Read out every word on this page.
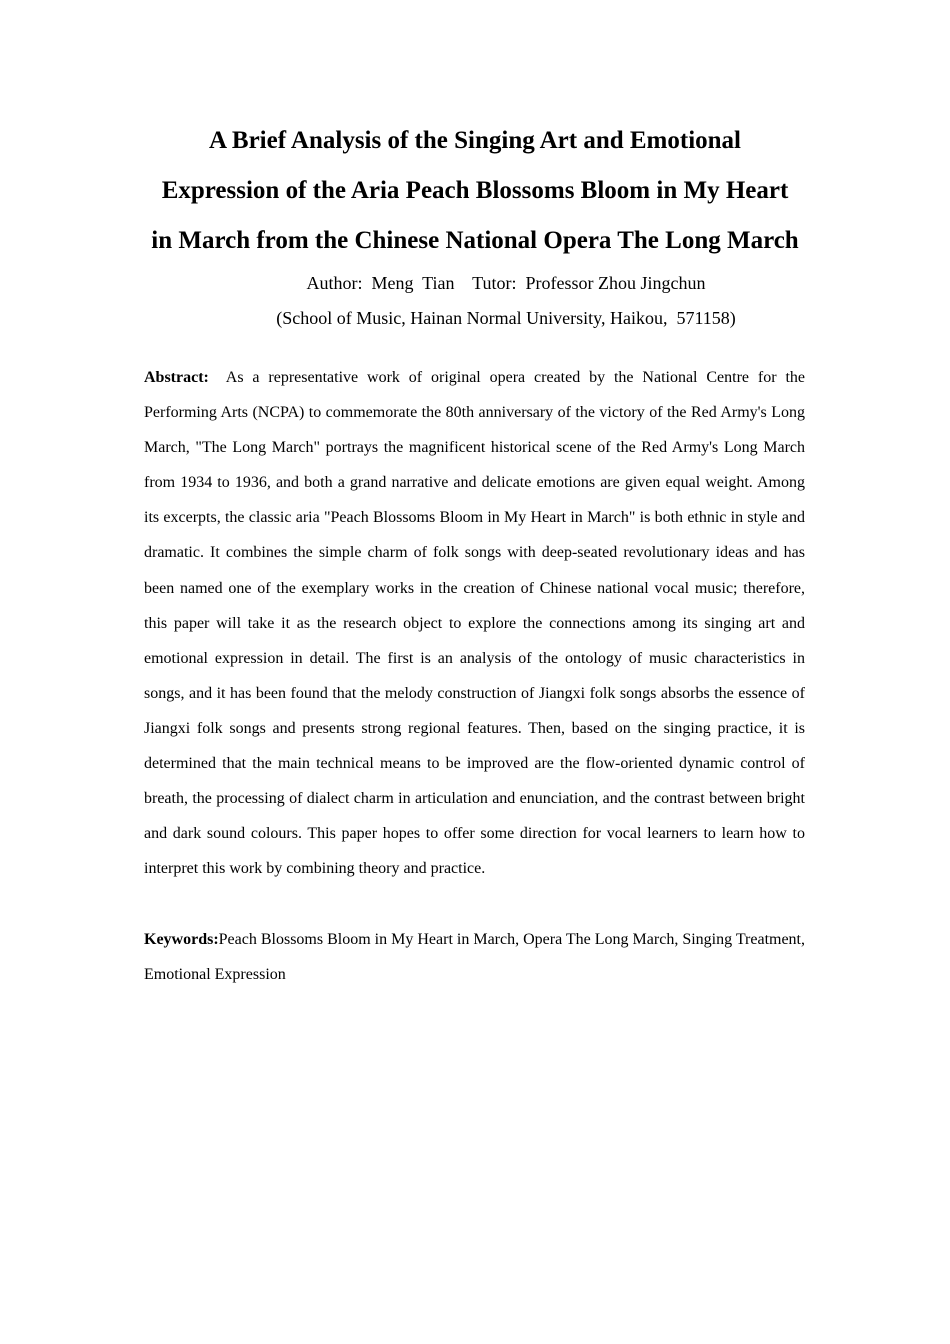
A Brief Analysis of the Singing Art and Emotional
Expression of the Aria Peach Blossoms Bloom in My Heart
in March from the Chinese National Opera The Long March
Author:  Meng  Tian    Tutor:  Professor Zhou Jingchun
(School of Music, Hainan Normal University, Haikou,  571158)

Abstract: As a representative work of original opera created by the National Centre for the Performing Arts (NCPA) to commemorate the 80th anniversary of the victory of the Red Army's Long March, "The Long March" portrays the magnificent historical scene of the Red Army's Long March from 1934 to 1936, and both a grand narrative and delicate emotions are given equal weight. Among its excerpts, the classic aria "Peach Blossoms Bloom in My Heart in March" is both ethnic in style and dramatic. It combines the simple charm of folk songs with deep-seated revolutionary ideas and has been named one of the exemplary works in the creation of Chinese national vocal music; therefore, this paper will take it as the research object to explore the connections among its singing art and emotional expression in detail. The first is an analysis of the ontology of music characteristics in songs, and it has been found that the melody construction of Jiangxi folk songs absorbs the essence of Jiangxi folk songs and presents strong regional features. Then, based on the singing practice, it is determined that the main technical means to be improved are the flow-oriented dynamic control of breath, the processing of dialect charm in articulation and enunciation, and the contrast between bright and dark sound colours. This paper hopes to offer some direction for vocal learners to learn how to interpret this work by combining theory and practice.

Keywords:Peach Blossoms Bloom in My Heart in March, Opera The Long March, Singing Treatment, Emotional Expression
